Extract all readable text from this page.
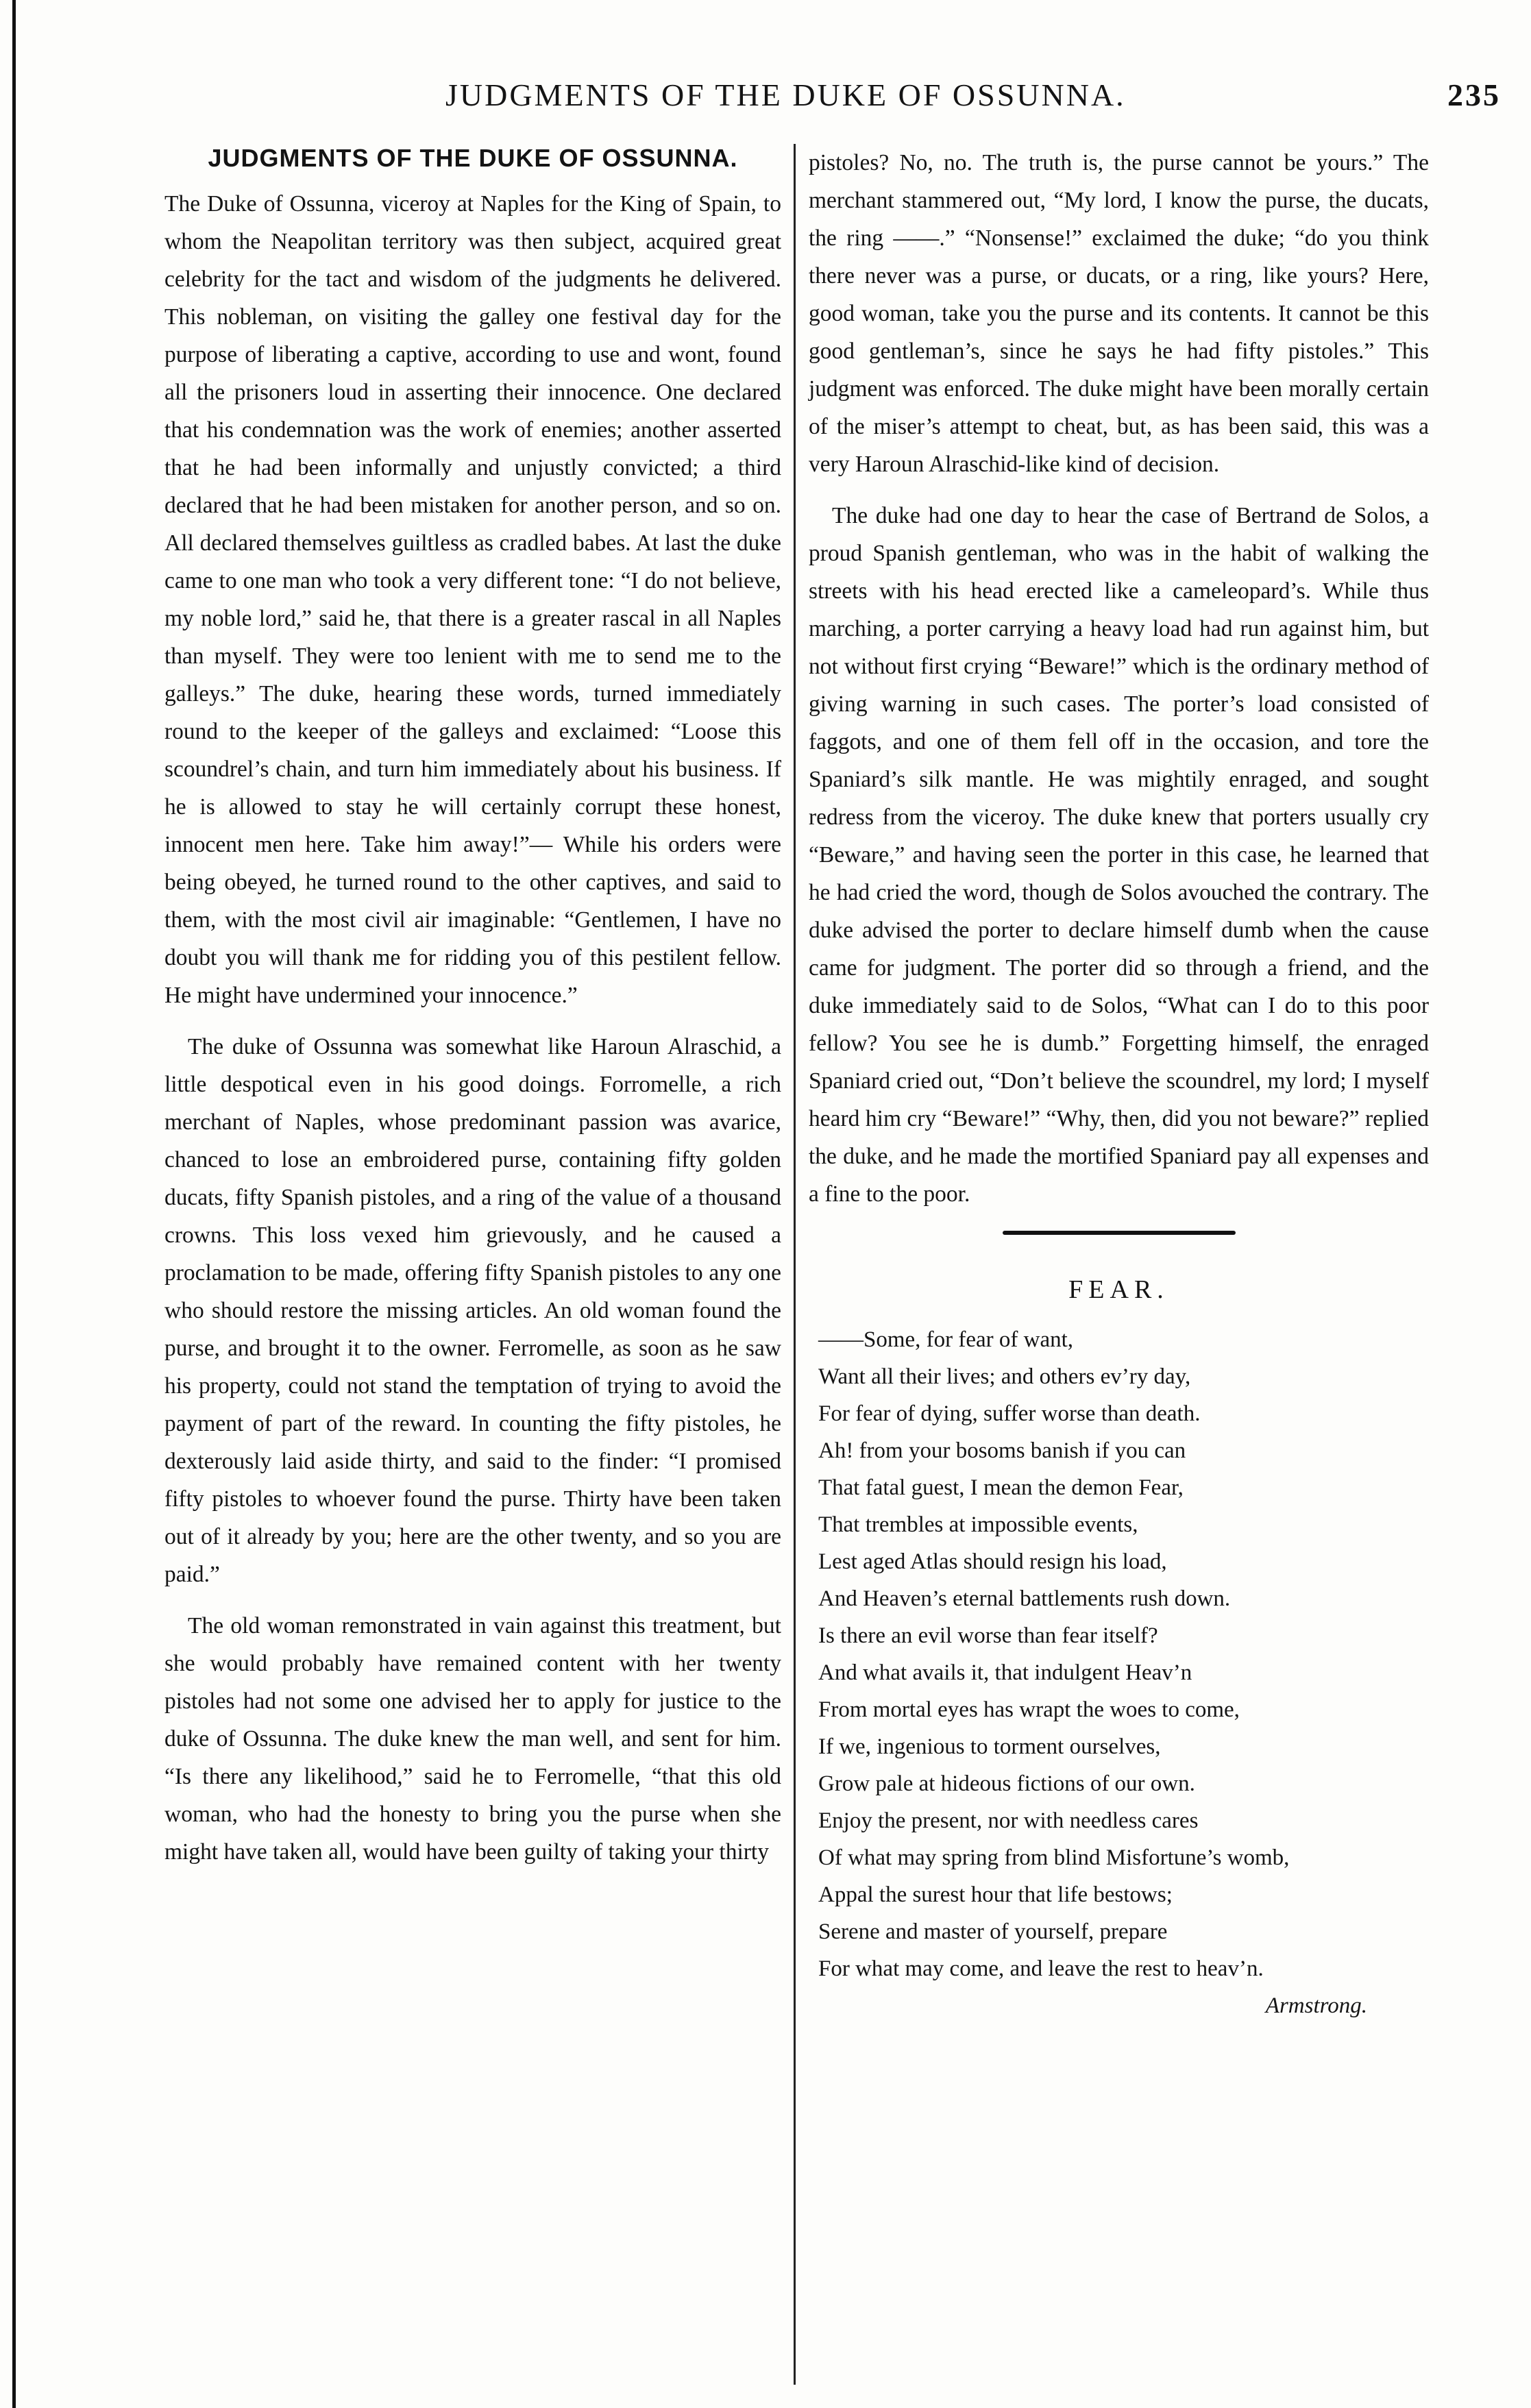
JUDGMENTS OF THE DUKE OF OSSUNNA.	235
JUDGMENTS OF THE DUKE OF OSSUNNA.

The Duke of Ossunna, viceroy at Naples for the King of Spain, to whom the Neapolitan territory was then subject, acquired great celebrity for the tact and wisdom of the judgments he delivered. This nobleman, on visiting the galley one festival day for the purpose of liberating a captive, according to use and wont, found all the prisoners loud in asserting their innocence. One declared that his condemnation was the work of enemies; another asserted that he had been informally and unjustly convicted; a third declared that he had been mistaken for another person, and so on. All declared themselves guiltless as cradled babes. At last the duke came to one man who took a very different tone: “I do not believe, my noble lord,” said he, that there is a greater rascal in all Naples than myself. They were too lenient with me to send me to the galleys.” The duke, hearing these words, turned immediately round to the keeper of the galleys and exclaimed: “Loose this scoundrel’s chain, and turn him immediately about his business. If he is allowed to stay he will certainly corrupt these honest, innocent men here. Take him away!”— While his orders were being obeyed, he turned round to the other captives, and said to them, with the most civil air imaginable: “Gentlemen, I have no doubt you will thank me for ridding you of this pestilent fellow. He might have undermined your innocence.”

The duke of Ossunna was somewhat like Haroun Alraschid, a little despotical even in his good doings. Forromelle, a rich merchant of Naples, whose predominant passion was avarice, chanced to lose an embroidered purse, containing fifty golden ducats, fifty Spanish pistoles, and a ring of the value of a thousand crowns. This loss vexed him grievously, and he caused a proclamation to be made, offering fifty Spanish pistoles to any one who should restore the missing articles. An old woman found the purse, and brought it to the owner. Ferromelle, as soon as he saw his property, could not stand the temptation of trying to avoid the payment of part of the reward. In counting the fifty pistoles, he dexterously laid aside thirty, and said to the finder: “I promised fifty pistoles to whoever found the purse. Thirty have been taken out of it already by you; here are the other twenty, and so you are paid.”

The old woman remonstrated in vain against this treatment, but she would probably have remained content with her twenty pistoles had not some one advised her to apply for justice to the duke of Ossunna. The duke knew the man well, and sent for him. “Is there any likelihood,” said he to Ferromelle, “that this old woman, who had the honesty to bring you the purse when she might have taken all, would have been guilty of taking your thirty

pistoles? No, no. The truth is, the purse cannot be yours.” The merchant stammered out, “My lord, I know the purse, the ducats, the ring ——.” “Nonsense!” exclaimed the duke; “do you think there never was a purse, or ducats, or a ring, like yours? Here, good woman, take you the purse and its contents. It cannot be this good gentleman’s, since he says he had fifty pistoles.” This judgment was enforced. The duke might have been morally certain of the miser’s attempt to cheat, but, as has been said, this was a very Haroun Alraschid-like kind of decision.

The duke had one day to hear the case of Bertrand de Solos, a proud Spanish gentleman, who was in the habit of walking the streets with his head erected like a cameleopard’s. While thus marching, a porter carrying a heavy load had run against him, but not without first crying “Beware!” which is the ordinary method of giving warning in such cases. The porter’s load consisted of faggots, and one of them fell off in the occasion, and tore the Spaniard’s silk mantle. He was mightily enraged, and sought redress from the viceroy. The duke knew that porters usually cry “Beware,” and having seen the porter in this case, he learned that he had cried the word, though de Solos avouched the contrary. The duke advised the porter to declare himself dumb when the cause came for judgment. The porter did so through a friend, and the duke immediately said to de Solos, “What can I do to this poor fellow? You see he is dumb.” Forgetting himself, the enraged Spaniard cried out, “Don’t believe the scoundrel, my lord; I myself heard him cry “Beware!” “Why, then, did you not beware?” replied the duke, and he made the mortified Spaniard pay all expenses and a fine to the poor.

FEAR.
——Some, for fear of want,
Want all their lives; and others ev’ry day,
For fear of dying, suffer worse than death.
Ah! from your bosoms banish if you can
That fatal guest, I mean the demon Fear,
That trembles at impossible events,
Lest aged Atlas should resign his load,
And Heaven’s eternal battlements rush down.
Is there an evil worse than fear itself?
And what avails it, that indulgent Heav’n
From mortal eyes has wrapt the woes to come,
If we, ingenious to torment ourselves,
Grow pale at hideous fictions of our own.
Enjoy the present, nor with needless cares
Of what may spring from blind Misfortune’s womb,
Appal the surest hour that life bestows;
Serene and master of yourself, prepare
For what may come, and leave the rest to heav’n.
Armstrong.
